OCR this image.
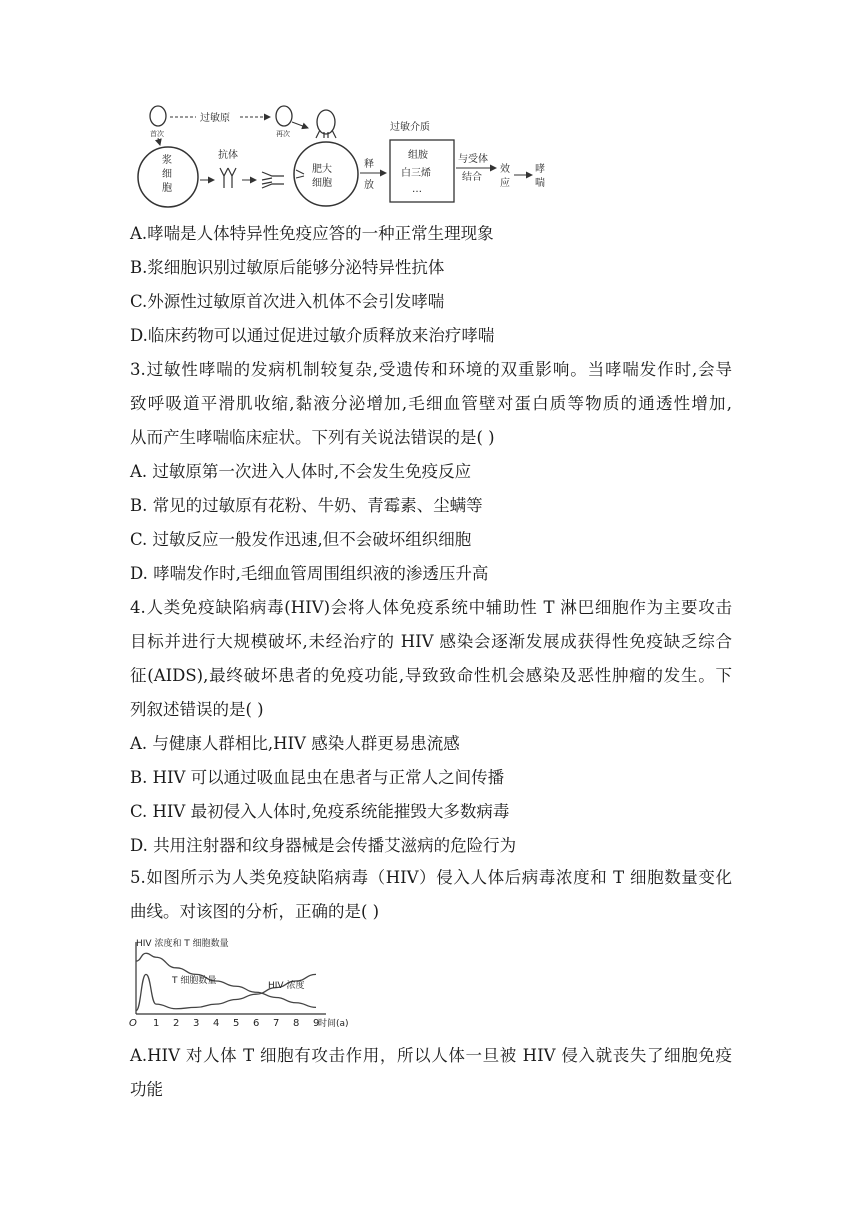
首次
过敏原
浆
细
胞
抗体
再次
肥大
细胞
释
放
过敏介质
组胺
白三烯
…
与受体
结合
效
应
哮
喘
A.哮喘是人体特异性免疫应答的一种正常生理现象
B.浆细胞识别过敏原后能够分泌特异性抗体
C.外源性过敏原首次进入机体不会引发哮喘
D.临床药物可以通过促进过敏介质释放来治疗哮喘
3.过敏性哮喘的发病机制较复杂,受遗传和环境的双重影响。当哮喘发作时,会导
致呼吸道平滑肌收缩,黏液分泌增加,毛细血管壁对蛋白质等物质的通透性增加,
从而产生哮喘临床症状。下列有关说法错误的是( )
A. 过敏原第一次进入人体时,不会发生免疫反应
B. 常见的过敏原有花粉、牛奶、青霉素、尘螨等
C. 过敏反应一般发作迅速,但不会破坏组织细胞
D. 哮喘发作时,毛细血管周围组织液的渗透压升高
4.人类免疫缺陷病毒(HIV)会将人体免疫系统中辅助性 T 淋巴细胞作为主要攻击
目标并进行大规模破坏,未经治疗的 HIV 感染会逐渐发展成获得性免疫缺乏综合
征(AIDS),最终破坏患者的免疫功能,导致致命性机会感染及恶性肿瘤的发生。下
列叙述错误的是( )
A. 与健康人群相比,HIV 感染人群更易患流感
B. HIV 可以通过吸血昆虫在患者与正常人之间传播
C. HIV 最初侵入人体时,免疫系统能摧毁大多数病毒
D. 共用注射器和纹身器械是会传播艾滋病的危险行为
5.如图所示为人类免疫缺陷病毒（HIV）侵入人体后病毒浓度和 T 细胞数量变化
曲线。对该图的分析，正确的是( )
HIV 浓度和 T 细胞数量
时间(a)
O 1 2 3 4 5 6 7 8 9
T 细胞数量	HIV 浓度
A.HIV 对人体 T 细胞有攻击作用，所以人体一旦被 HIV 侵入就丧失了细胞免疫
功能
